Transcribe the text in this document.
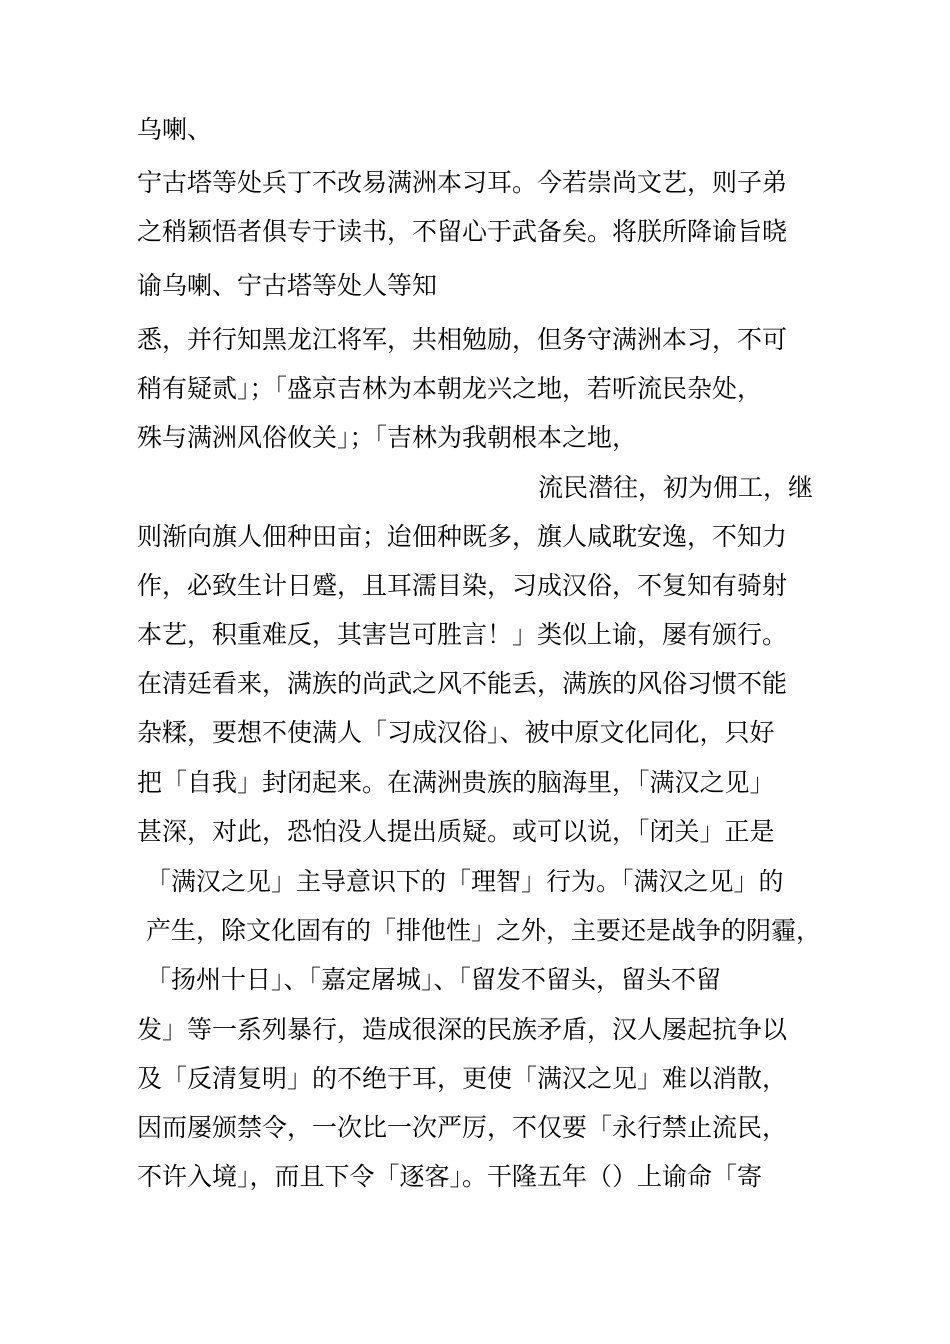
乌喇、

宁古塔等处兵丁不改易满洲本习耳。今若崇尚文艺，则子弟

之稍颖悟者俱专于读书，不留心于武备矣。将朕所降谕旨晓

谕乌喇、宁古塔等处人等知

悉，并行知黑龙江将军，共相勉励，但务守满洲本习，不可

稍有疑贰」；「盛京吉林为本朝龙兴之地，若听流民杂处，

殊与满洲风俗攸关」；「吉林为我朝根本之地，

流民潜往，初为佣工，继

则渐向旗人佃种田亩；迨佃种既多，旗人咸耽安逸，不知力

作，必致生计日蹙，且耳濡目染，习成汉俗，不复知有骑射

本艺，积重难反，其害岂可胜言！」类似上谕，屡有颁行。

在清廷看来，满族的尚武之风不能丢，满族的风俗习惯不能

杂糅，要想不使满人「习成汉俗」、被中原文化同化，只好

把「自我」封闭起来。在满洲贵族的脑海里，「满汉之见」

甚深，对此，恐怕没人提出质疑。或可以说，「闭关」正是

「满汉之见」主导意识下的「理智」行为。「满汉之见」的

产生，除文化固有的「排他性」之外，主要还是战争的阴霾，

「扬州十日」、「嘉定屠城」、「留发不留头，留头不留

发」等一系列暴行，造成很深的民族矛盾，汉人屡起抗争以

及「反清复明」的不绝于耳，更使「满汉之见」难以消散，

因而屡颁禁令，一次比一次严厉，不仅要「永行禁止流民，

不许入境」，而且下令「逐客」。干隆五年（）上谕命「寄
